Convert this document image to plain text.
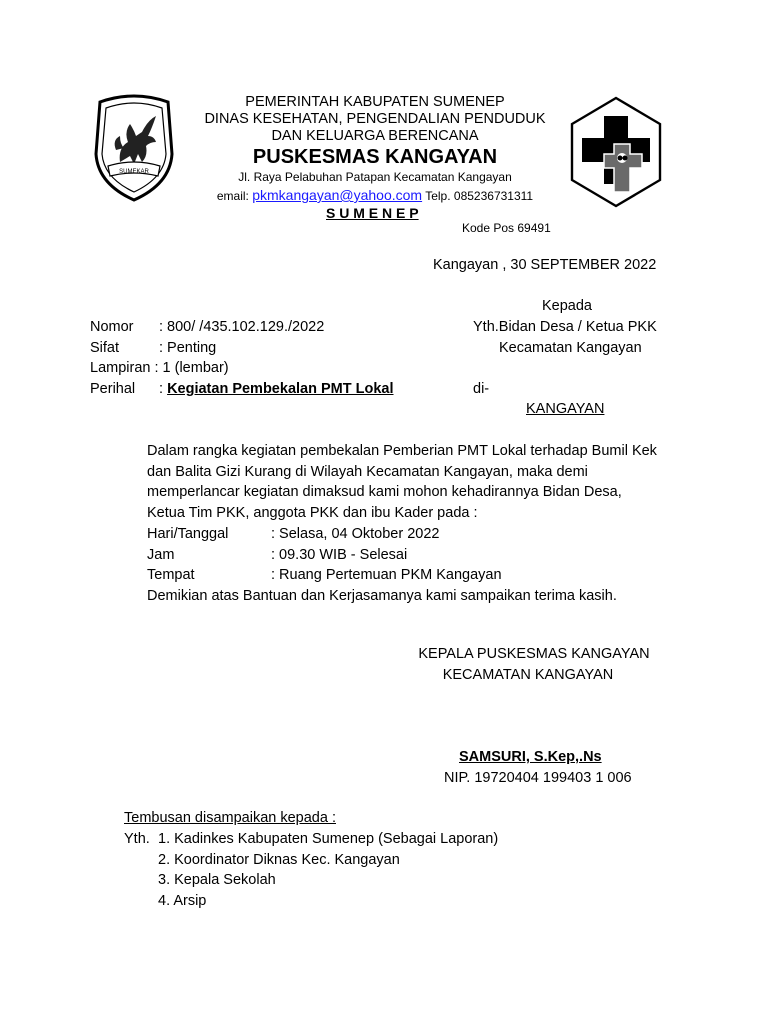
SUMEKAR
PEMERINTAH KABUPATEN SUMENEP
DINAS KESEHATAN, PENGENDALIAN PENDUDUK
DAN KELUARGA BERENCANA
PUSKESMAS KANGAYAN
Jl. Raya Pelabuhan Patapan Kecamatan Kangayan
email: pkmkangayan@yahoo.com Telp. 085236731311
S U M E N E P
Kode Pos 69491
Kangayan , 30 SEPTEMBER 2022
Nomor : 800/ /435.102.129./2022
Sifat	: Penting
Lampiran : 1 (lembar)
Perihal : Kegiatan Pembekalan PMT Lokal
Kepada
Yth.Bidan Desa / Ketua PKK
Kecamatan Kangayan
di-
KANGAYAN
Dalam rangka kegiatan pembekalan Pemberian PMT Lokal terhadap Bumil Kek
dan Balita Gizi Kurang di Wilayah Kecamatan Kangayan, maka demi
memperlancar kegiatan dimaksud kami mohon kehadirannya Bidan Desa,
Ketua Tim PKK, anggota PKK dan ibu Kader pada :
Hari/Tanggal	: Selasa, 04 Oktober 2022
Jam	: 09.30 WIB - Selesai
Tempat	: Ruang Pertemuan PKM Kangayan
Demikian atas Bantuan dan Kerjasamanya kami sampaikan terima kasih.
KEPALA PUSKESMAS KANGAYAN
KECAMATAN KANGAYAN
SAMSURI, S.Kep,.Ns
NIP. 19720404 199403 1 006
Tembusan disampaikan kepada :
Yth. 1. Kadinkes Kabupaten Sumenep (Sebagai Laporan)
2. Koordinator Diknas Kec. Kangayan
3. Kepala Sekolah
4. Arsip
